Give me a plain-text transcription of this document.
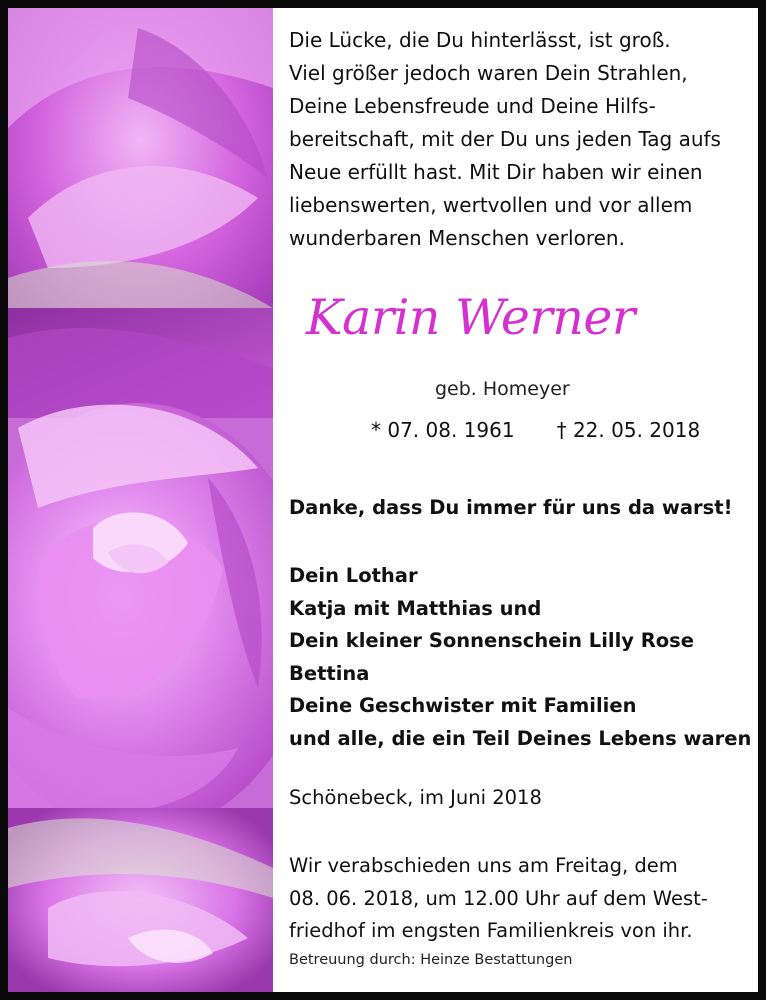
Die Lücke, die Du hinterlässt, ist groß.
Viel größer jedoch waren Dein Strahlen,
Deine Lebensfreude und Deine Hilfs-
bereitschaft, mit der Du uns jeden Tag aufs
Neue erfüllt hast. Mit Dir haben wir einen
liebenswerten, wertvollen und vor allem
wunderbaren Menschen verloren.

Karin Werner

geb. Homeyer

* 07. 08. 1961 † 22. 05. 2018

Danke, dass Du immer für uns da warst!

Dein Lothar
Katja mit Matthias und
Dein kleiner Sonnenschein Lilly Rose
Bettina
Deine Geschwister mit Familien
und alle, die ein Teil Deines Lebens waren

Schönebeck, im Juni 2018

Wir verabschieden uns am Freitag, dem
08. 06. 2018, um 12.00 Uhr auf dem West-
friedhof im engsten Familienkreis von ihr.

Betreuung durch: Heinze Bestattungen
